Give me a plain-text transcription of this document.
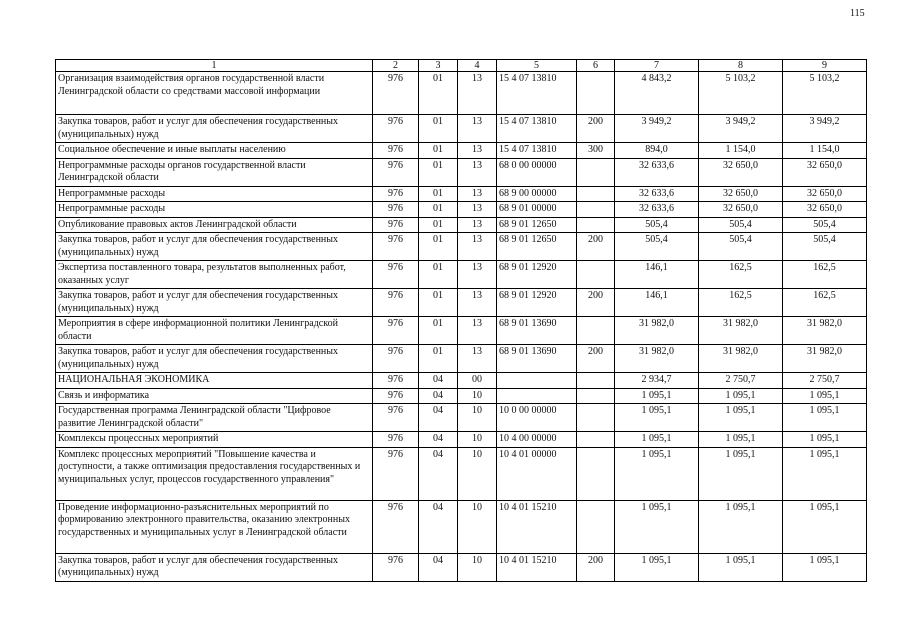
115
1	2	3	4	5	6	7	8	9
Организация взаимодействия органов государственной власти Ленинградской области со средствами массовой информации	976	01	13	15 4 07 13810		4 843,2	5 103,2	5 103,2
Закупка товаров, работ и услуг для обеспечения государственных (муниципальных) нужд	976	01	13	15 4 07 13810	200	3 949,2	3 949,2	3 949,2
Социальное обеспечение и иные выплаты населению	976	01	13	15 4 07 13810	300	894,0	1 154,0	1 154,0
Непрограммные расходы органов государственной власти Ленинградской области	976	01	13	68 0 00 00000		32 633,6	32 650,0	32 650,0
Непрограммные расходы	976	01	13	68 9 00 00000		32 633,6	32 650,0	32 650,0
Непрограммные расходы	976	01	13	68 9 01 00000		32 633,6	32 650,0	32 650,0
Опубликование правовых актов Ленинградской области	976	01	13	68 9 01 12650		505,4	505,4	505,4
Закупка товаров, работ и услуг для обеспечения государственных (муниципальных) нужд	976	01	13	68 9 01 12650	200	505,4	505,4	505,4
Экспертиза поставленного товара, результатов выполненных работ, оказанных услуг	976	01	13	68 9 01 12920		146,1	162,5	162,5
Закупка товаров, работ и услуг для обеспечения государственных (муниципальных) нужд	976	01	13	68 9 01 12920	200	146,1	162,5	162,5
Мероприятия в сфере информационной политики Ленинградской области	976	01	13	68 9 01 13690		31 982,0	31 982,0	31 982,0
Закупка товаров, работ и услуг для обеспечения государственных (муниципальных) нужд	976	01	13	68 9 01 13690	200	31 982,0	31 982,0	31 982,0
НАЦИОНАЛЬНАЯ ЭКОНОМИКА	976	04	00			2 934,7	2 750,7	2 750,7
Связь и информатика	976	04	10			1 095,1	1 095,1	1 095,1
Государственная программа Ленинградской области "Цифровое развитие Ленинградской области"	976	04	10	10 0 00 00000		1 095,1	1 095,1	1 095,1
Комплексы процессных мероприятий	976	04	10	10 4 00 00000		1 095,1	1 095,1	1 095,1
Комплекс процессных мероприятий "Повышение качества и доступности, а также оптимизация предоставления государственных и муниципальных услуг, процессов государственного управления"	976	04	10	10 4 01 00000		1 095,1	1 095,1	1 095,1
Проведение информационно-разъяснительных мероприятий по формированию электронного правительства, оказанию электронных государственных и муниципальных услуг в Ленинградской области	976	04	10	10 4 01 15210		1 095,1	1 095,1	1 095,1
Закупка товаров, работ и услуг для обеспечения государственных (муниципальных) нужд	976	04	10	10 4 01 15210	200	1 095,1	1 095,1	1 095,1
